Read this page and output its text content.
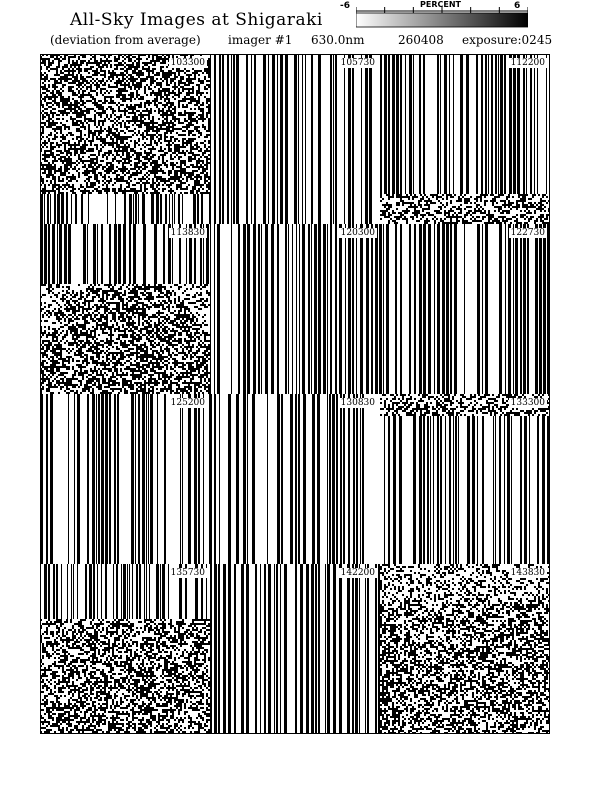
All-Sky Images at Shigaraki
(deviation from average) imager #1 630.0nm	260408 exposure:0245
-6	PERCENT	6
103300	105730	112200
113830	120300	122730
125200	130830	133300
135730	142200	143830
